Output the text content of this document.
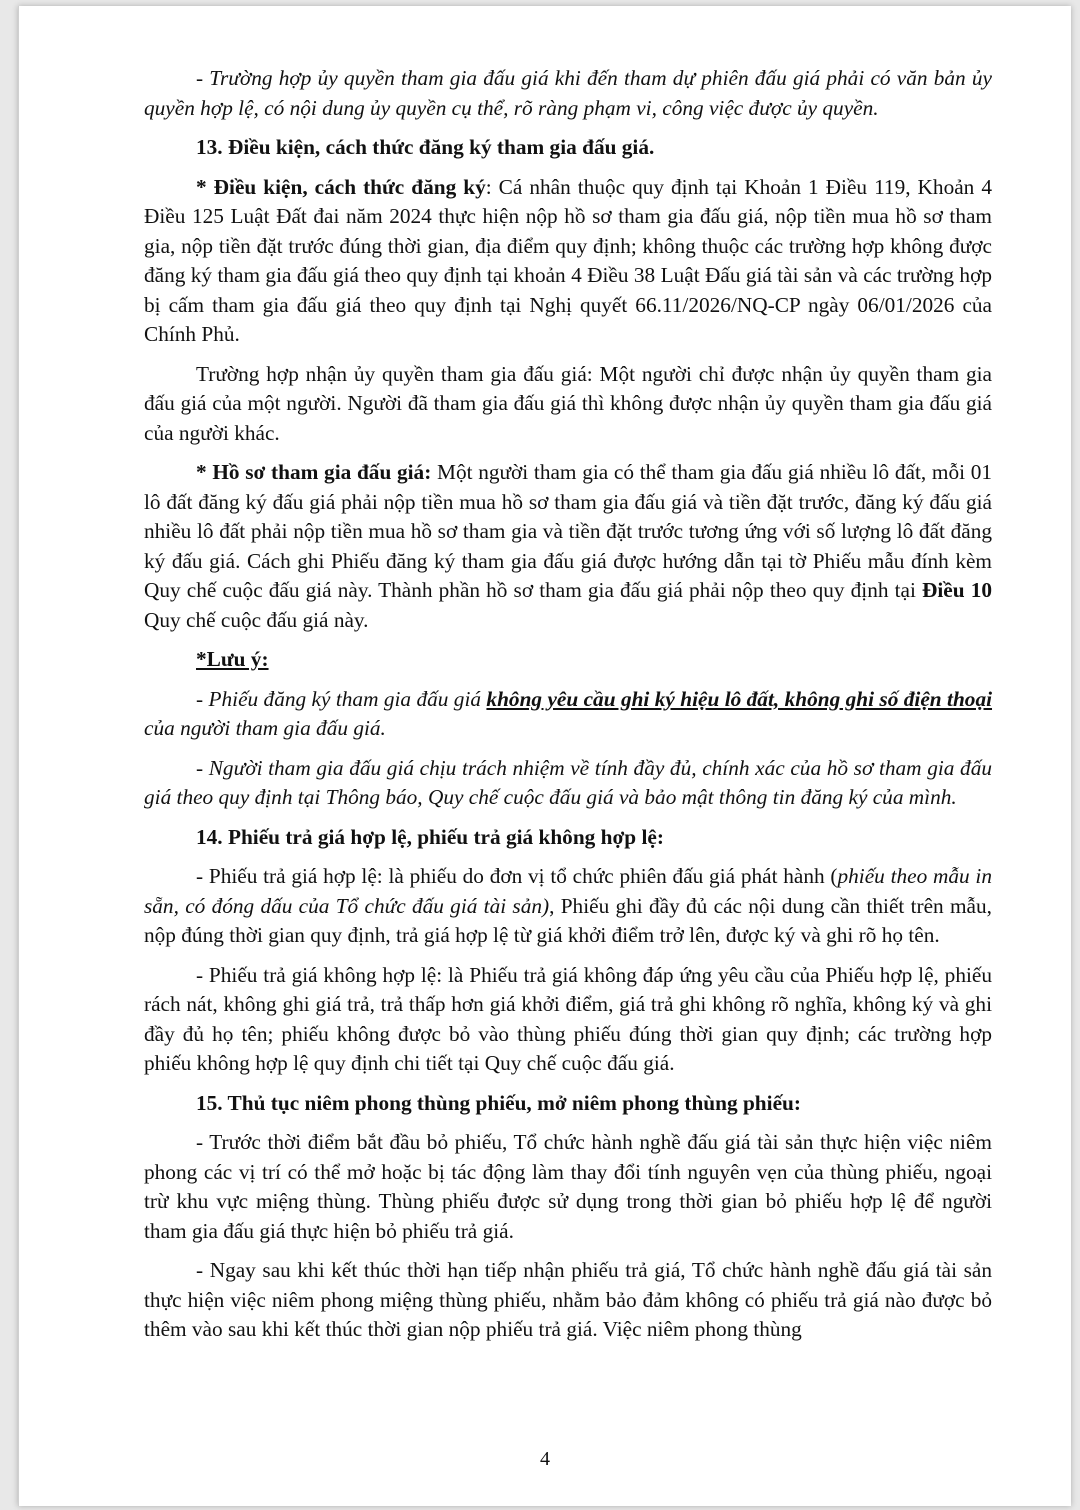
- Trường hợp ủy quyền tham gia đấu giá khi đến tham dự phiên đấu giá phải có văn bản ủy quyền hợp lệ, có nội dung ủy quyền cụ thể, rõ ràng phạm vi, công việc được ủy quyền.

13. Điều kiện, cách thức đăng ký tham gia đấu giá.

* Điều kiện, cách thức đăng ký: Cá nhân thuộc quy định tại Khoản 1 Điều 119, Khoản 4 Điều 125 Luật Đất đai năm 2024 thực hiện nộp hồ sơ tham gia đấu giá, nộp tiền mua hồ sơ tham gia, nộp tiền đặt trước đúng thời gian, địa điểm quy định; không thuộc các trường hợp không được đăng ký tham gia đấu giá theo quy định tại khoản 4 Điều 38 Luật Đấu giá tài sản và các trường hợp bị cấm tham gia đấu giá theo quy định tại Nghị quyết 66.11/2026/NQ-CP ngày 06/01/2026 của Chính Phủ.

Trường hợp nhận ủy quyền tham gia đấu giá: Một người chỉ được nhận ủy quyền tham gia đấu giá của một người. Người đã tham gia đấu giá thì không được nhận ủy quyền tham gia đấu giá của người khác.

* Hồ sơ tham gia đấu giá: Một người tham gia có thể tham gia đấu giá nhiều lô đất, mỗi 01 lô đất đăng ký đấu giá phải nộp tiền mua hồ sơ tham gia đấu giá và tiền đặt trước, đăng ký đấu giá nhiều lô đất phải nộp tiền mua hồ sơ tham gia và tiền đặt trước tương ứng với số lượng lô đất đăng ký đấu giá. Cách ghi Phiếu đăng ký tham gia đấu giá được hướng dẫn tại tờ Phiếu mẫu đính kèm Quy chế cuộc đấu giá này. Thành phần hồ sơ tham gia đấu giá phải nộp theo quy định tại Điều 10 Quy chế cuộc đấu giá này.

*Lưu ý:

- Phiếu đăng ký tham gia đấu giá không yêu cầu ghi ký hiệu lô đất, không ghi số điện thoại của người tham gia đấu giá.

- Người tham gia đấu giá chịu trách nhiệm về tính đầy đủ, chính xác của hồ sơ tham gia đấu giá theo quy định tại Thông báo, Quy chế cuộc đấu giá và bảo mật thông tin đăng ký của mình.

14. Phiếu trả giá hợp lệ, phiếu trả giá không hợp lệ:

- Phiếu trả giá hợp lệ: là phiếu do đơn vị tổ chức phiên đấu giá phát hành (phiếu theo mẫu in sẵn, có đóng dấu của Tổ chức đấu giá tài sản), Phiếu ghi đầy đủ các nội dung cần thiết trên mẫu, nộp đúng thời gian quy định, trả giá hợp lệ từ giá khởi điểm trở lên, được ký và ghi rõ họ tên.

- Phiếu trả giá không hợp lệ: là Phiếu trả giá không đáp ứng yêu cầu của Phiếu hợp lệ, phiếu rách nát, không ghi giá trả, trả thấp hơn giá khởi điểm, giá trả ghi không rõ nghĩa, không ký và ghi đầy đủ họ tên; phiếu không được bỏ vào thùng phiếu đúng thời gian quy định; các trường hợp phiếu không hợp lệ quy định chi tiết tại Quy chế cuộc đấu giá.

15. Thủ tục niêm phong thùng phiếu, mở niêm phong thùng phiếu:

- Trước thời điểm bắt đầu bỏ phiếu, Tổ chức hành nghề đấu giá tài sản thực hiện việc niêm phong các vị trí có thể mở hoặc bị tác động làm thay đổi tính nguyên vẹn của thùng phiếu, ngoại trừ khu vực miệng thùng. Thùng phiếu được sử dụng trong thời gian bỏ phiếu hợp lệ để người tham gia đấu giá thực hiện bỏ phiếu trả giá.

- Ngay sau khi kết thúc thời hạn tiếp nhận phiếu trả giá, Tổ chức hành nghề đấu giá tài sản thực hiện việc niêm phong miệng thùng phiếu, nhằm bảo đảm không có phiếu trả giá nào được bỏ thêm vào sau khi kết thúc thời gian nộp phiếu trả giá. Việc niêm phong thùng

4
